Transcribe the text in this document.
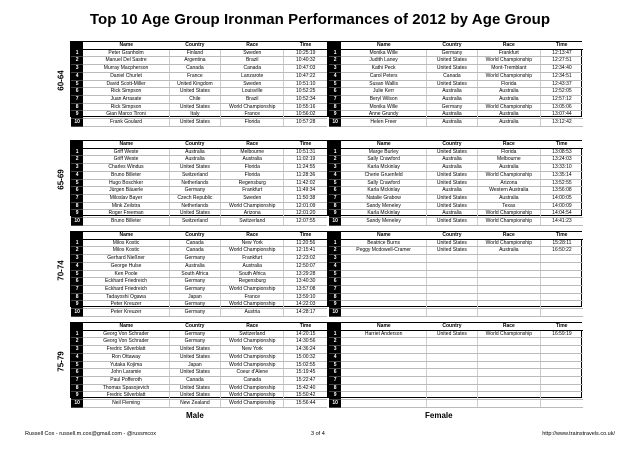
Top 10 Age Group Ironman Performances of 2012 by Age Group
60-64
	Name	Country	Race	Time
1	Peter Granholm	Finland	Sweden	10:25:19
2	Manuel Del Sastre	Argentina	Brazil	10:40:32
3	Murray Macpherson	Canada	Canada	10:47:03
4	Daniel Churlet	France	Lanzarote	10:47:22
5	David Scott-Miller	United Kingdom	Sweden	10:51:10
6	Rick Simpson	United States	Louisville	10:52:25
7	Juan Arrasate	Chile	Brazil	10:52:34
8	Rick Simpson	United States	World Championship	10:55:16
9	Gian Marco Tironi	Italy	France	10:56:02
10	Frank Goulard	United States	Florida	10:57:28
	Name	Country	Race	Time
1	Monika Wille	Germany	Frankfurt	12:13:47
2	Judith Laney	United States	World Championship	12:27:51
3	Kathi Peck	United States	Mont-Tremblant	12:34:40
4	Carol Peters	Canada	World Championship	12:34:51
5	Susan Wallis	United States	Florida	12:43:37
6	Julie Kerr	Australia	Australia	12:52:05
7	Beryl Wilson	Australia	Australia	12:57:12
8	Monika Wille	Germany	World Championship	13:05:06
9	Anne Grundy	Australia	Australia	13:07:44
10	Helen Freer	Australia	Australia	13:12:42
65-69
	Name	Country	Race	Time
1	Griff Weste	Australia	Melbourne	10:51:31
2	Griff Weste	Australia	Australia	11:02:19
3	Charles Windus	United States	Florida	11:24:55
4	Bruno Billeter	Switzerland	Florida	11:28:36
5	Hugo Boschker	Netherlands	Regensburg	11:42:02
6	Jürgen Bäuerle	Germany	Frankfurt	11:49:34
7	Miloslav Bayer	Czech Republic	Sweden	11:50:38
8	Mink Zeilstra	Netherlands	World Championship	12:01:09
9	Roger Freeman	United States	Arizona	12:01:20
10	Bruno Billeter	Switzerland	Switzerland	12:07:55
	Name	Country	Race	Time
1	Marge Burley	United States	Florida	13:08:53
2	Sally Crawford	Australia	Melbourne	13:24:03
3	Karla Mckinlay	Australia	Australia	13:33:10
4	Cherie Gruenfeld	United States	World Championship	13:35:14
5	Sally Crawford	United States	Arizona	13:52:55
6	Karla Mckinlay	Australia	Western Australia	13:56:08
7	Natalie Grabow	United States	Australia	14:00:05
8	Sandy Meneley	United States	Texas	14:00:09
9	Karla Mckinlay	Australia	World Championship	14:04:54
10	Sandy Meneley	United States	World Championship	14:41:23
70-74
	Name	Country	Race	Time
1	Milos Kostic	Canada	New York	11:20:56
2	Milos Kostic	Canada	World Championship	12:15:41
3	Gerhard Nießner	Germany	Frankfurt	12:23:02
4	George Hulse	Australia	Australia	12:50:07
5	Ken Poole	South Africa	South Africa	13:29:28
6	Eckhard Friedreich	Germany	Regensburg	13:40:30
7	Eckhard Friedreich	Germany	World Championship	13:57:08
8	Tadayoshi Ogawa	Japan	France	13:59:10
9	Peter Kreuzer	Germany	World Championship	14:22:03
10	Peter Kreuzer	Germany	Austria	14:28:17
	Name	Country	Race	Time
1	Beatrice Burns	United States	World Championship	15:28:11
2	Peggy Mcdowell-Cramer	United States	Australia	16:50:22
3				
4				
5				
6				
7				
8				
9				
10				
75-79
	Name	Country	Race	Time
1	Georg Von Schrader	Germany	Switzerland	14:20:15
2	Georg Von Schrader	Germany	World Championship	14:30:56
3	Fredric Silverblatt	United States	New York	14:36:24
4	Ron Ottaway	United States	World Championship	15:00:32
5	Yutaka Kojima	Japan	World Championship	15:02:55
6	John Laramie	United States	Coeur d'Alene	15:19:45
7	Paul Pofferoth	Canada	Canada	15:22:47
8	Thomas Spasojevich	United States	World Championship	15:42:40
9	Fredric Silverblatt	United States	World Championship	15:50:42
10	Neil Fleming	New Zealand	World Championship	15:56:44
	Name	Country	Race	Time
1	Harriet Anderson	United States	World Championship	16:59:19
2				
3				
4				
5				
6				
7				
8				
9				
10				
Male	Female
Russell Cox - russell.m.cox@gmail.com - @russmcox	3 of 4	http://www.trainstravels.co.uk/
